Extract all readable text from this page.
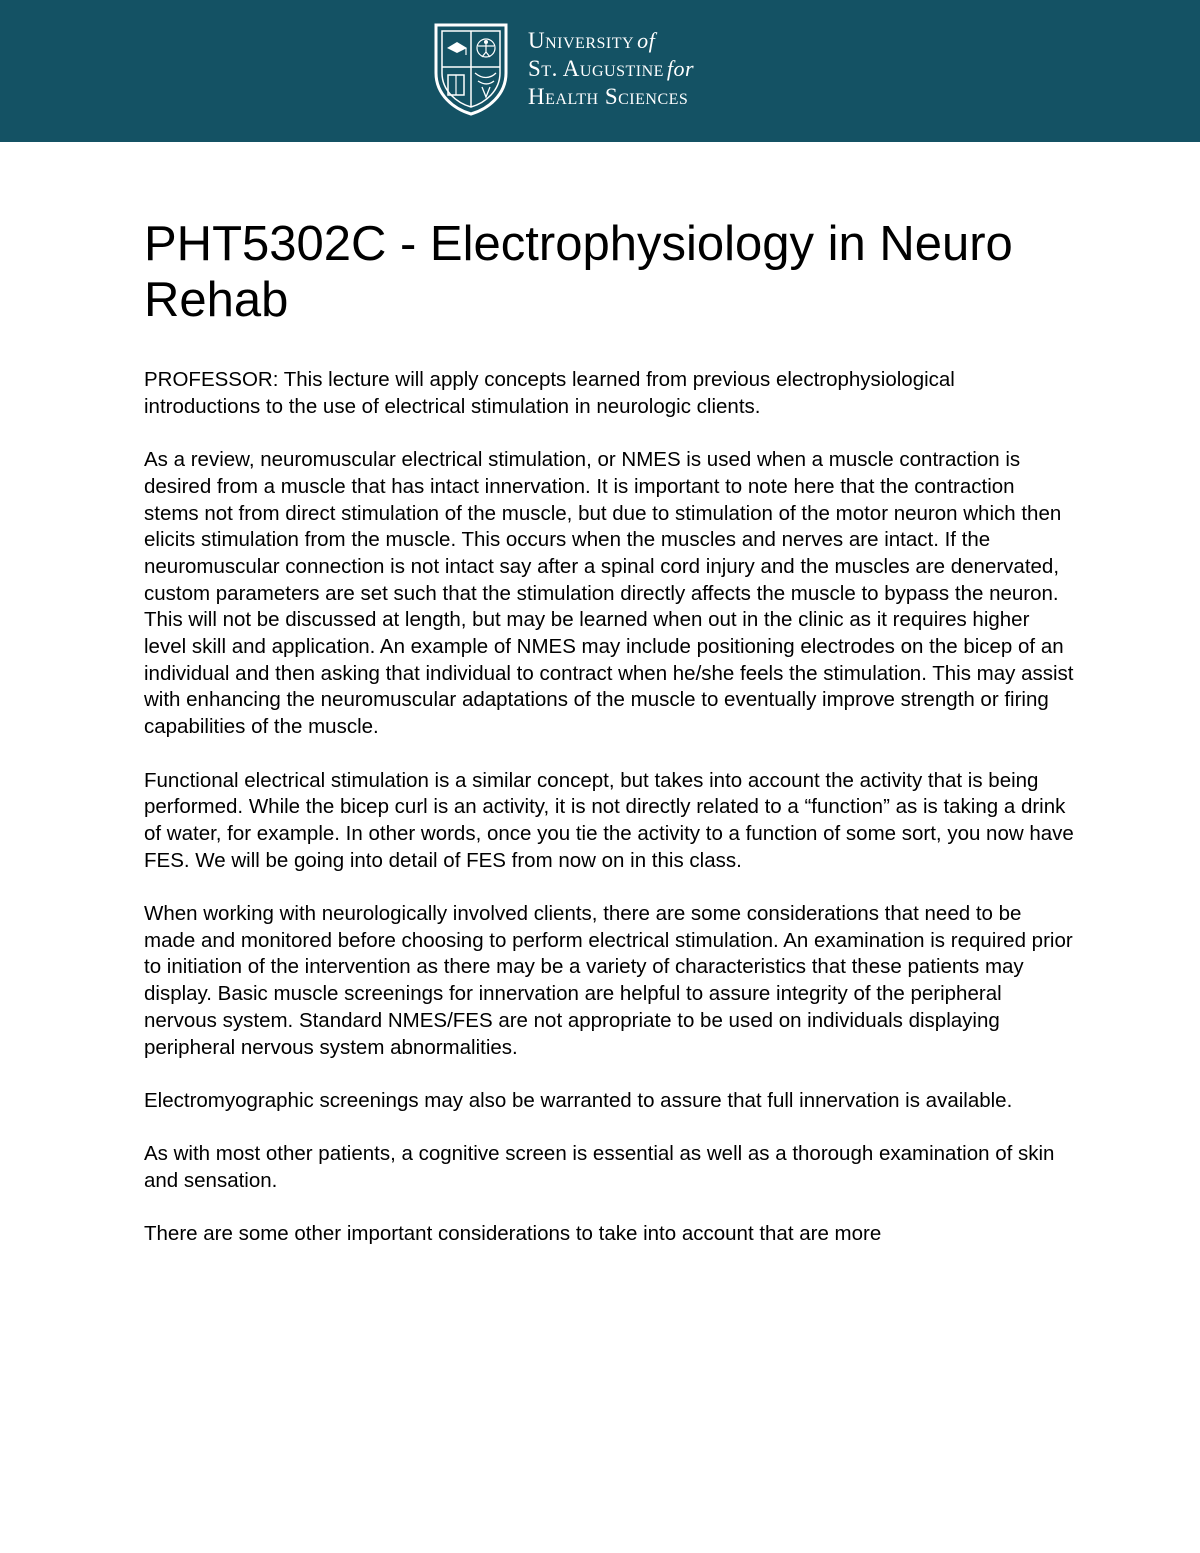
University of
St. Augustine for
Health Sciences
PHT5302C - Electrophysiology in Neuro Rehab

PROFESSOR: This lecture will apply concepts learned from previous electrophysiological introductions to the use of electrical stimulation in neurologic clients.

As a review, neuromuscular electrical stimulation, or NMES is used when a muscle contraction is desired from a muscle that has intact innervation. It is important to note here that the contraction stems not from direct stimulation of the muscle, but due to stimulation of the motor neuron which then elicits stimulation from the muscle. This occurs when the muscles and nerves are intact. If the neuromuscular connection is not intact say after a spinal cord injury and the muscles are denervated, custom parameters are set such that the stimulation directly affects the muscle to bypass the neuron. This will not be discussed at length, but may be learned when out in the clinic as it requires higher level skill and application. An example of NMES may include positioning electrodes on the bicep of an individual and then asking that individual to contract when he/she feels the stimulation. This may assist with enhancing the neuromuscular adaptations of the muscle to eventually improve strength or firing capabilities of the muscle.

Functional electrical stimulation is a similar concept, but takes into account the activity that is being performed. While the bicep curl is an activity, it is not directly related to a “function” as is taking a drink of water, for example. In other words, once you tie the activity to a function of some sort, you now have FES. We will be going into detail of FES from now on in this class.

When working with neurologically involved clients, there are some considerations that need to be made and monitored before choosing to perform electrical stimulation. An examination is required prior to initiation of the intervention as there may be a variety of characteristics that these patients may display. Basic muscle screenings for innervation are helpful to assure integrity of the peripheral nervous system. Standard NMES/FES are not appropriate to be used on individuals displaying peripheral nervous system abnormalities.

Electromyographic screenings may also be warranted to assure that full innervation is available.

As with most other patients, a cognitive screen is essential as well as a thorough examination of skin and sensation.

There are some other important considerations to take into account that are more
